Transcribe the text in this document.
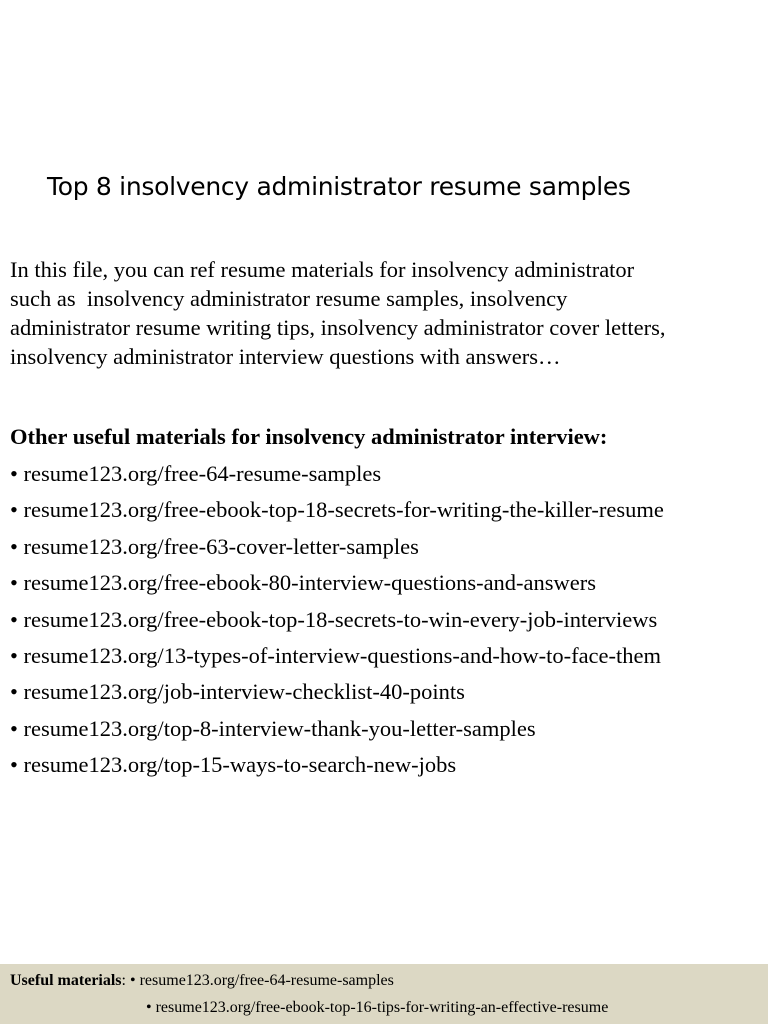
Top 8 insolvency administrator resume samples
In this file, you can ref resume materials for insolvency administrator
such as  insolvency administrator resume samples, insolvency
administrator resume writing tips, insolvency administrator cover letters,
insolvency administrator interview questions with answers…
Other useful materials for insolvency administrator interview:
• resume123.org/free-64-resume-samples
• resume123.org/free-ebook-top-18-secrets-for-writing-the-killer-resume
• resume123.org/free-63-cover-letter-samples
• resume123.org/free-ebook-80-interview-questions-and-answers
• resume123.org/free-ebook-top-18-secrets-to-win-every-job-interviews
• resume123.org/13-types-of-interview-questions-and-how-to-face-them
• resume123.org/job-interview-checklist-40-points
• resume123.org/top-8-interview-thank-you-letter-samples
• resume123.org/top-15-ways-to-search-new-jobs
Useful materials: • resume123.org/free-64-resume-samples
• resume123.org/free-ebook-top-16-tips-for-writing-an-effective-resume
